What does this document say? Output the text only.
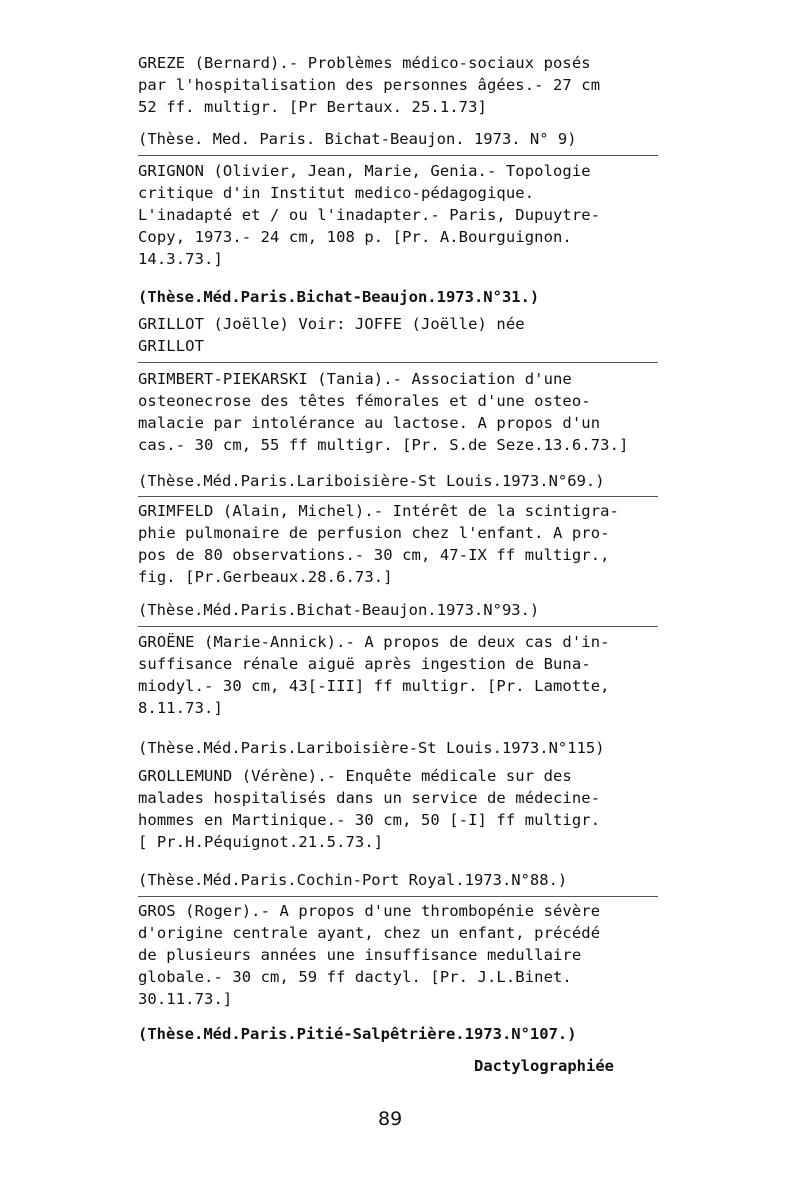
GREZE (Bernard).- Problèmes médico-sociaux posés
par l'hospitalisation des personnes âgées.- 27 cm
52 ff. multigr. [Pr Bertaux. 25.1.73]
(Thèse. Med. Paris. Bichat-Beaujon. 1973. N° 9)
GRIGNON (Olivier, Jean, Marie, Genia.- Topologie
critique d'in Institut medico-pédagogique.
L'inadapté et / ou l'inadapter.- Paris, Dupuytre-
Copy, 1973.- 24 cm, 108 p. [Pr. A.Bourguignon.
14.3.73.]
(Thèse.Méd.Paris.Bichat-Beaujon.1973.N°31.)
GRILLOT (Joëlle) Voir: JOFFE (Joëlle) née
GRILLOT
GRIMBERT-PIEKARSKI (Tania).- Association d'une
osteonecrose des têtes fémorales et d'une osteo-
malacie par intolérance au lactose. A propos d'un
cas.- 30 cm, 55 ff multigr. [Pr. S.de Seze.13.6.73.]
(Thèse.Méd.Paris.Lariboisière-St Louis.1973.N°69.)
GRIMFELD (Alain, Michel).- Intérêt de la scintigra-
phie pulmonaire de perfusion chez l'enfant. A pro-
pos de 80 observations.- 30 cm, 47-IX ff multigr.,
fig. [Pr.Gerbeaux.28.6.73.]
(Thèse.Méd.Paris.Bichat-Beaujon.1973.N°93.)
GROËNE (Marie-Annick).- A propos de deux cas d'in-
suffisance rénale aiguë après ingestion de Buna-
miodyl.- 30 cm, 43[-III] ff multigr. [Pr. Lamotte,
8.11.73.]
(Thèse.Méd.Paris.Lariboisière-St Louis.1973.N°115)
GROLLEMUND (Vérène).- Enquête médicale sur des
malades hospitalisés dans un service de médecine-
hommes en Martinique.- 30 cm, 50 [-I] ff multigr.
[ Pr.H.Péquignot.21.5.73.]
(Thèse.Méd.Paris.Cochin-Port Royal.1973.N°88.)
GROS (Roger).- A propos d'une thrombopénie sévère
d'origine centrale ayant, chez un enfant, précédé
de plusieurs années une insuffisance medullaire
globale.- 30 cm, 59 ff dactyl. [Pr. J.L.Binet.
30.11.73.]
(Thèse.Méd.Paris.Pitié-Salpêtrière.1973.N°107.)
Dactylographiée
89
